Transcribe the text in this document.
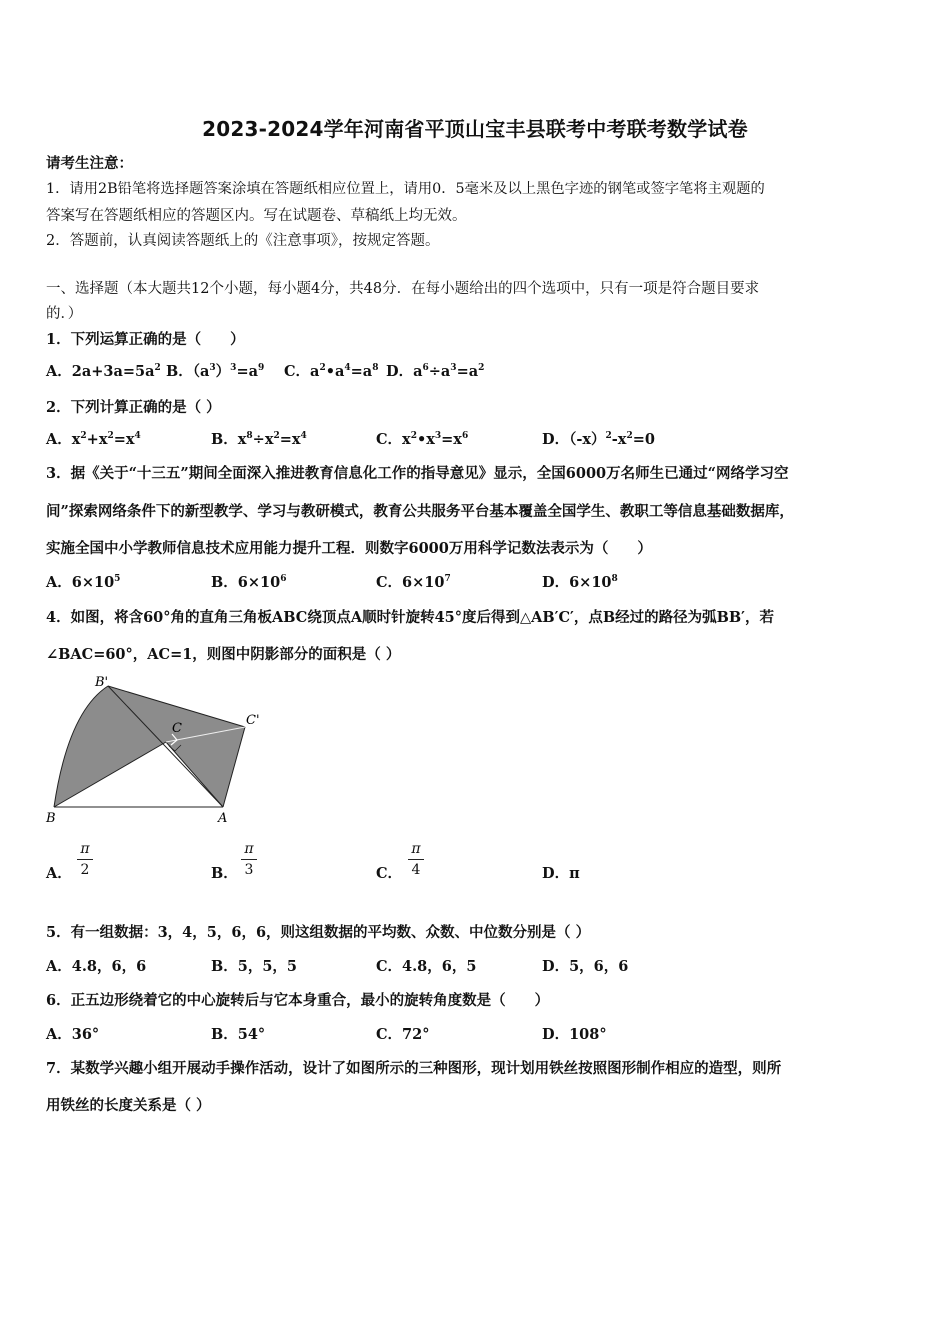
2023-2024学年河南省平顶山宝丰县联考中考联考数学试卷
请考生注意：
1．请用2B铅笔将选择题答案涂填在答题纸相应位置上，请用0．5毫米及以上黑色字迹的钢笔或签字笔将主观题的
答案写在答题纸相应的答题区内。写在试题卷、草稿纸上均无效。
2．答题前，认真阅读答题纸上的《注意事项》，按规定答题。
一、选择题（本大题共12个小题，每小题4分，共48分．在每小题给出的四个选项中，只有一项是符合题目要求
的．）
1．下列运算正确的是（　　）
A．$2a+3a=5a^2$ B．$(a^3)^3=a^9$ C．$a^2•a^4=a^8$ D．$a^6\div a^3=a^2$
2．下列计算正确的是（ ）
A．$x^2+x^2=x^4$	B．$x^8\div x^2=x^4$	C．$x^2•x^3=x^6$	D．$(-x)^2-x^2=0$
3．据《关于“十三五”期间全面深入推进教育信息化工作的指导意见》显示，全国6000万名师生已通过“网络学习空
间”探索网络条件下的新型教学、学习与教研模式，教育公共服务平台基本覆盖全国学生、教职工等信息基础数据库，
实施全国中小学教师信息技术应用能力提升工程．则数字6000万用科学记数法表示为（　　）
A．$6\times 10^5$	B．$6\times 10^6$	C．$6\times 10^7$	D．$6\times 10^8$
4．如图，将含60°角的直角三角板ABC绕顶点A顺时针旋转45°度后得到△AB′C′，点B经过的路径为弧BB′，若
∠BAC=60°，AC=1，则图中阴影部分的面积是（ ）
B'
C'
C
B	A
A．
π
2	B．
π
3	C．
π
4	D．π
5．有一组数据：3，4，5，6，6，则这组数据的平均数、众数、中位数分别是（ ）
A．4.8，6，6	B．5，5，5	C．4.8，6，5	D．5，6，6
6．正五边形绕着它的中心旋转后与它本身重合，最小的旋转角度数是（　　）
A．36°	B．54°	C．72°	D．108°
7．某数学兴趣小组开展动手操作活动，设计了如图所示的三种图形，现计划用铁丝按照图形制作相应的造型，则所
用铁丝的长度关系是（ ）
